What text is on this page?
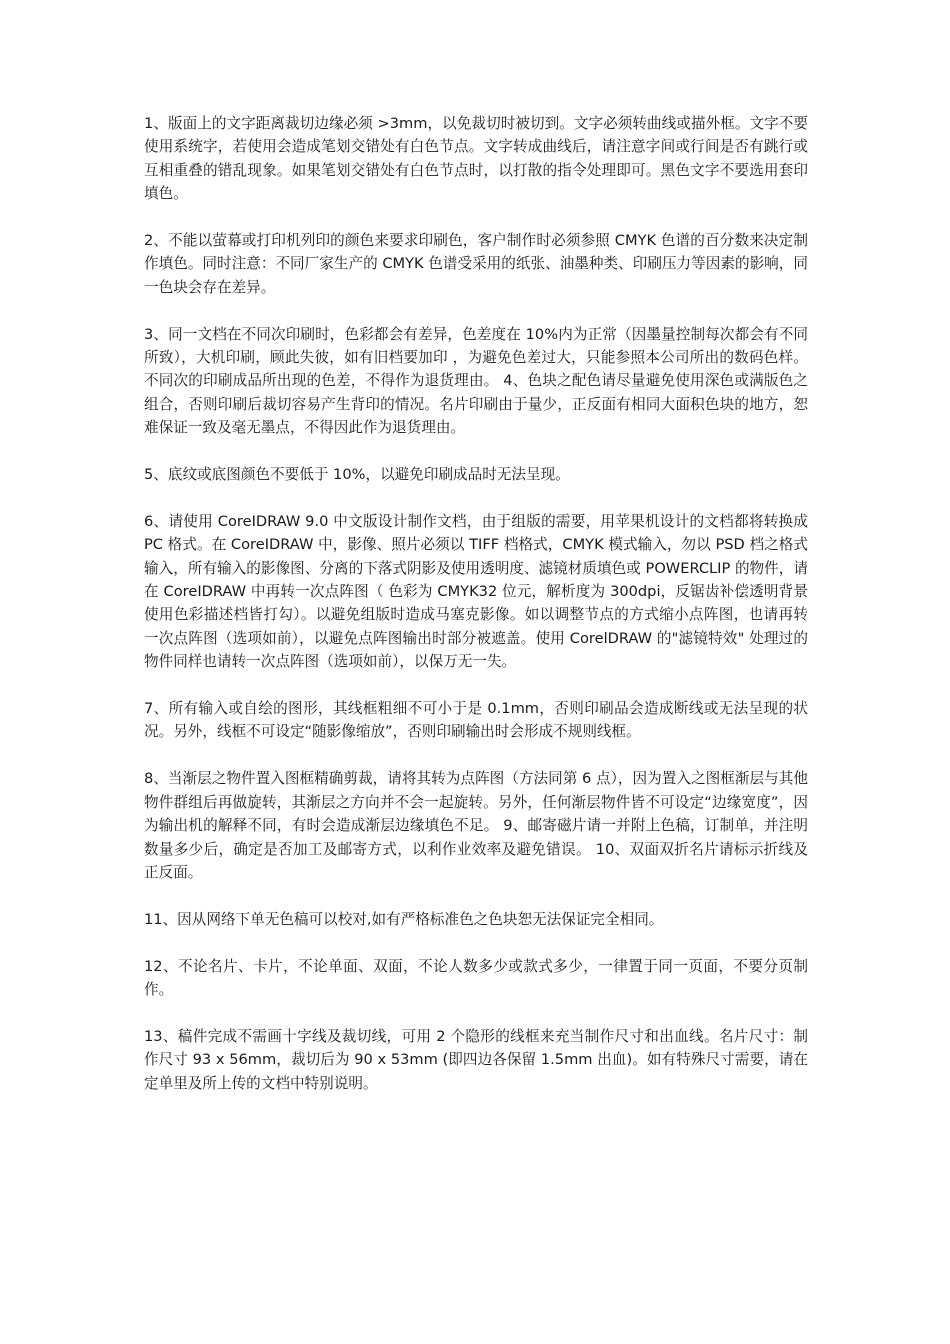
1、版面上的文字距离裁切边缘必须 >3mm，以免裁切时被切到。文字必须转曲线或描外框。文字不要使用系统字，若使用会造成笔划交错处有白色节点。文字转成曲线后，请注意字间或行间是否有跳行或互相重叠的错乱现象。如果笔划交错处有白色节点时，以打散的指令处理即可。黑色文字不要选用套印填色。

2、不能以萤幕或打印机列印的颜色来要求印刷色，客户制作时必须参照 CMYK 色谱的百分数来决定制作填色。同时注意：不同厂家生产的 CMYK 色谱受采用的纸张、油墨种类、印刷压力等因素的影响，同一色块会存在差异。

3、同一文档在不同次印刷时，色彩都会有差异，色差度在 10%内为正常（因墨量控制每次都会有不同所致），大机印刷，顾此失彼，如有旧档要加印 ，为避免色差过大，只能参照本公司所出的数码色样。不同次的印刷成品所出现的色差，不得作为退货理由。 4、色块之配色请尽量避免使用深色或满版色之组合，否则印刷后裁切容易产生背印的情况。名片印刷由于量少，正反面有相同大面积色块的地方，恕难保证一致及毫无墨点，不得因此作为退货理由。

5、底纹或底图颜色不要低于 10%，以避免印刷成品时无法呈现。

6、请使用 CoreIDRAW 9.0 中文版设计制作文档，由于组版的需要，用苹果机设计的文档都将转换成 PC 格式。在 CoreIDRAW 中，影像、照片必须以 TIFF 档格式，CMYK 模式输入，勿以 PSD 档之格式输入，所有输入的影像图、分离的下落式阴影及使用透明度、滤镜材质填色或 POWERCLIP 的物件，请在 CoreIDRAW 中再转一次点阵图（ 色彩为 CMYK32 位元，解析度为 300dpi，反锯齿补偿透明背景使用色彩描述档皆打勾）。以避免组版时造成马塞克影像。如以调整节点的方式缩小点阵图，也请再转一次点阵图（选项如前），以避免点阵图输出时部分被遮盖。使用 CorelDRAW 的"滤镜特效" 处理过的物件同样也请转一次点阵图（选项如前），以保万无一失。

7、所有输入或自绘的图形，其线框粗细不可小于是 0.1mm，否则印刷品会造成断线或无法呈现的状况。另外，线框不可设定“随影像缩放”，否则印刷输出时会形成不规则线框。

8、当渐层之物件置入图框精确剪裁，请将其转为点阵图（方法同第 6 点），因为置入之图框渐层与其他物件群组后再做旋转，其渐层之方向并不会一起旋转。另外，任何渐层物件皆不可设定“边缘宽度”，因为输出机的解释不同，有时会造成渐层边缘填色不足。 9、邮寄磁片请一并附上色稿，订制单，并注明数量多少后，确定是否加工及邮寄方式，以利作业效率及避免错误。 10、双面双折名片请标示折线及正反面。

11、因从网络下单无色稿可以校对,如有严格标准色之色块恕无法保证完全相同。

12、不论名片、卡片，不论单面、双面，不论人数多少或款式多少，一律置于同一页面，不要分页制作。

13、稿件完成不需画十字线及裁切线，可用 2 个隐形的线框来充当制作尺寸和出血线。名片尺寸：制作尺寸 93 x 56mm，裁切后为 90 x 53mm (即四边各保留 1.5mm 出血)。如有特殊尺寸需要，请在定单里及所上传的文档中特别说明。
